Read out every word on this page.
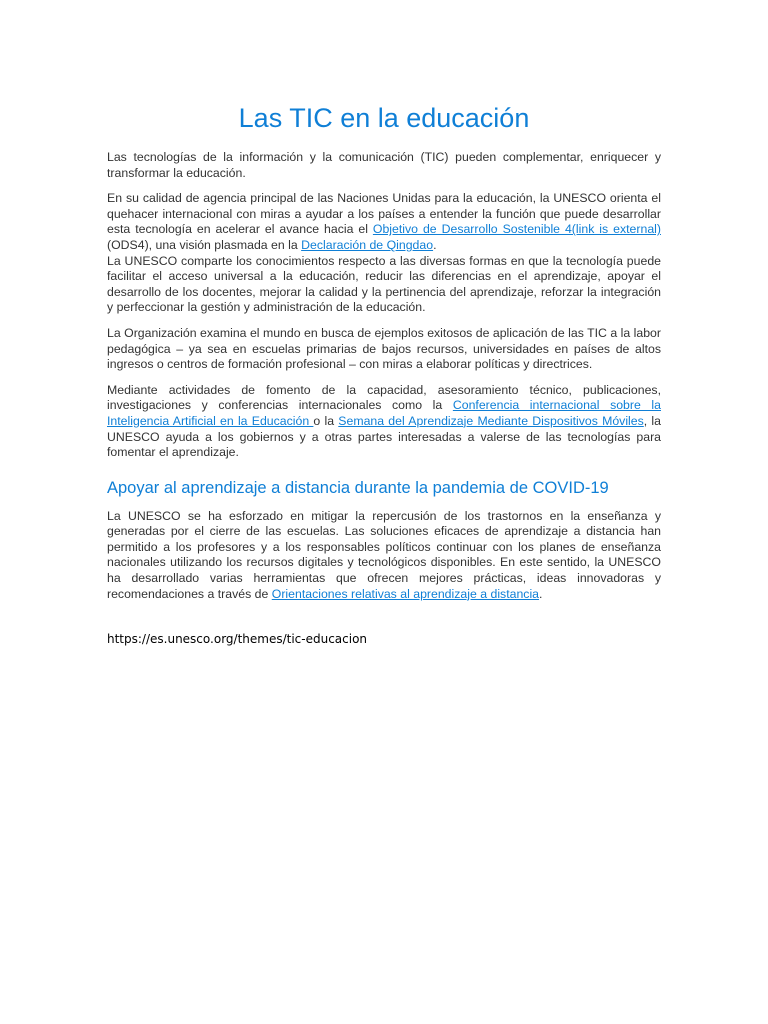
Las TIC en la educación

Las tecnologías de la información y la comunicación (TIC) pueden complementar, enriquecer y transformar la educación.

En su calidad de agencia principal de las Naciones Unidas para la educación, la UNESCO orienta el quehacer internacional con miras a ayudar a los países a entender la función que puede desarrollar esta tecnología en acelerar el avance hacia el Objetivo de Desarrollo Sostenible 4(link is external) (ODS4), una visión plasmada en la Declaración de Qingdao.

La UNESCO comparte los conocimientos respecto a las diversas formas en que la tecnología puede facilitar el acceso universal a la educación, reducir las diferencias en el aprendizaje, apoyar el desarrollo de los docentes, mejorar la calidad y la pertinencia del aprendizaje, reforzar la integración y perfeccionar la gestión y administración de la educación.

La Organización examina el mundo en busca de ejemplos exitosos de aplicación de las TIC a la labor pedagógica – ya sea en escuelas primarias de bajos recursos, universidades en países de altos ingresos o centros de formación profesional – con miras a elaborar políticas y directrices.

Mediante actividades de fomento de la capacidad, asesoramiento técnico, publicaciones, investigaciones y conferencias internacionales como la Conferencia internacional sobre la Inteligencia Artificial en la Educación o la Semana del Aprendizaje Mediante Dispositivos Móviles, la UNESCO ayuda a los gobiernos y a otras partes interesadas a valerse de las tecnologías para fomentar el aprendizaje.

Apoyar al aprendizaje a distancia durante la pandemia de COVID-19

La UNESCO se ha esforzado en mitigar la repercusión de los trastornos en la enseñanza y generadas por el cierre de las escuelas. Las soluciones eficaces de aprendizaje a distancia han permitido a los profesores y a los responsables políticos continuar con los planes de enseñanza nacionales utilizando los recursos digitales y tecnológicos disponibles. En este sentido, la UNESCO ha desarrollado varias herramientas que ofrecen mejores prácticas, ideas innovadoras y recomendaciones a través de Orientaciones relativas al aprendizaje a distancia.

https://es.unesco.org/themes/tic-educacion
